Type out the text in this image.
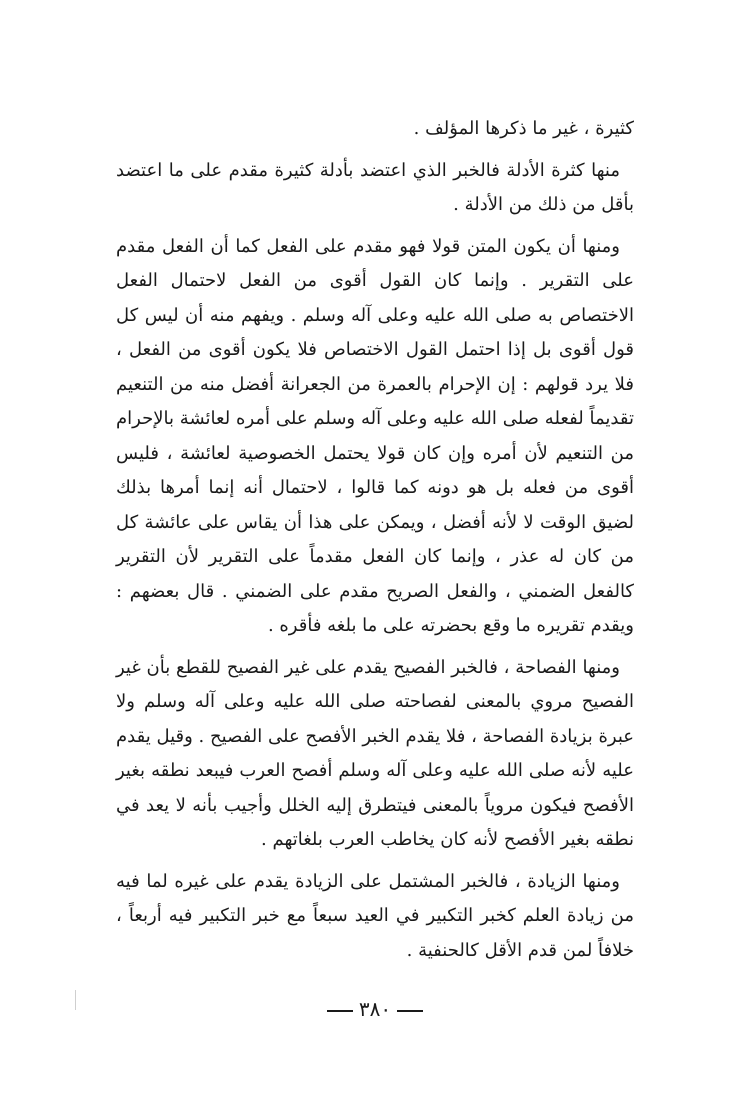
كثيرة ، غير ما ذكرها المؤلف .

منها كثرة الأدلة فالخبر الذي اعتضد بأدلة كثيرة مقدم على ما اعتضد بأقل من ذلك من الأدلة .

ومنها أن يكون المتن قولا فهو مقدم على الفعل كما أن الفعل مقدم على التقرير . وإنما كان القول أقوى من الفعل لاحتمال الفعل الاختصاص به صلى الله عليه وعلى آله وسلم . ويفهم منه أن ليس كل قول أقوى بل إذا احتمل القول الاختصاص فلا يكون أقوى من الفعل ، فلا يرد قولهم : إن الإحرام بالعمرة من الجعرانة أفضل منه من التنعيم تقديماً لفعله صلى الله عليه وعلى آله وسلم على أمره لعائشة بالإحرام من التنعيم لأن أمره وإن كان قولا يحتمل الخصوصية لعائشة ، فليس أقوى من فعله بل هو دونه كما قالوا ، لاحتمال أنه إنما أمرها بذلك لضيق الوقت لا لأنه أفضل ، ويمكن على هذا أن يقاس على عائشة كل من كان له عذر ، وإنما كان الفعل مقدماً على التقرير لأن التقرير كالفعل الضمني ، والفعل الصريح مقدم على الضمني . قال بعضهم : ويقدم تقريره ما وقع بحضرته على ما بلغه فأقره .

ومنها الفصاحة ، فالخبر الفصيح يقدم على غير الفصيح للقطع بأن غير الفصيح مروي بالمعنى لفصاحته صلى الله عليه وعلى آله وسلم ولا عبرة بزيادة الفصاحة ، فلا يقدم الخبر الأفصح على الفصيح . وقيل يقدم عليه لأنه صلى الله عليه وعلى آله وسلم أفصح العرب فيبعد نطقه بغير الأفصح فيكون مروياً بالمعنى فيتطرق إليه الخلل وأجيب بأنه لا يعد في نطقه بغير الأفصح لأنه كان يخاطب العرب بلغاتهم .

ومنها الزيادة ، فالخبر المشتمل على الزيادة يقدم على غيره لما فيه من زيادة العلم كخبر التكبير في العيد سبعاً مع خبر التكبير فيه أربعاً ، خلافاً لمن قدم الأقل كالحنفية .

٣٨٠
